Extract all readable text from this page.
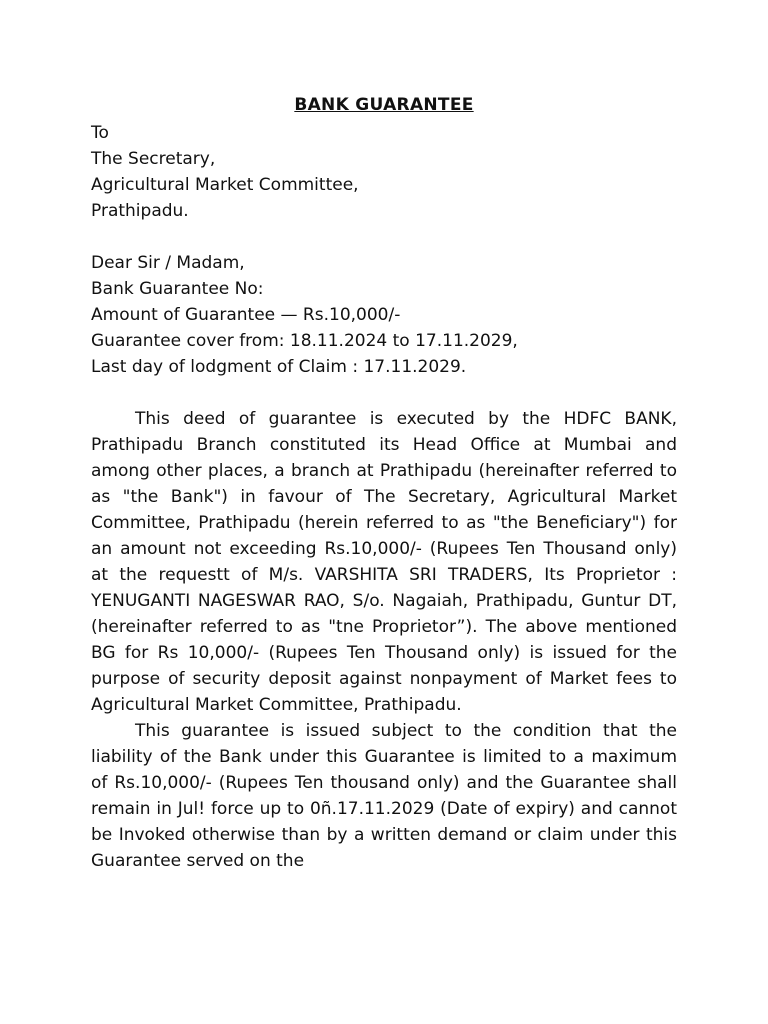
BANK GUARANTEE
To
The Secretary,
Agricultural Market Committee,
Prathipadu.
Dear Sir / Madam,
Bank Guarantee No:
Amount of Guarantee — Rs.10,000/-
Guarantee cover from: 18.11.2024 to 17.11.2029,
Last day of lodgment of Claim : 17.11.2029.

This deed of guarantee is executed by the HDFC BANK, Prathipadu Branch constituted its Head Office at Mumbai and among other places, a branch at Prathipadu (hereinafter referred to as "the Bank") in favour of The Secretary, Agricultural Market Committee, Prathipadu (herein referred to as "the Beneficiary") for an amount not exceeding Rs.10,000/- (Rupees Ten Thousand only) at the requestt of M/s. VARSHITA SRI TRADERS, Its Proprietor : YENUGANTI NAGESWAR RAO, S/o. Nagaiah, Prathipadu, Guntur DT, (hereinafter referred to as "tne Proprietor”). The above mentioned BG for Rs 10,000/- (Rupees Ten Thousand only) is issued for the purpose of security deposit against nonpayment of Market fees to Agricultural Market Committee, Prathipadu.

This guarantee is issued subject to the condition that the liability of the Bank under this Guarantee is limited to a maximum of Rs.10,000/- (Rupees Ten thousand only) and the Guarantee shall remain in Jul! force up to 0ñ.17.11.2029 (Date of expiry) and cannot be Invoked otherwise than by a written demand or claim under this Guarantee served on the
